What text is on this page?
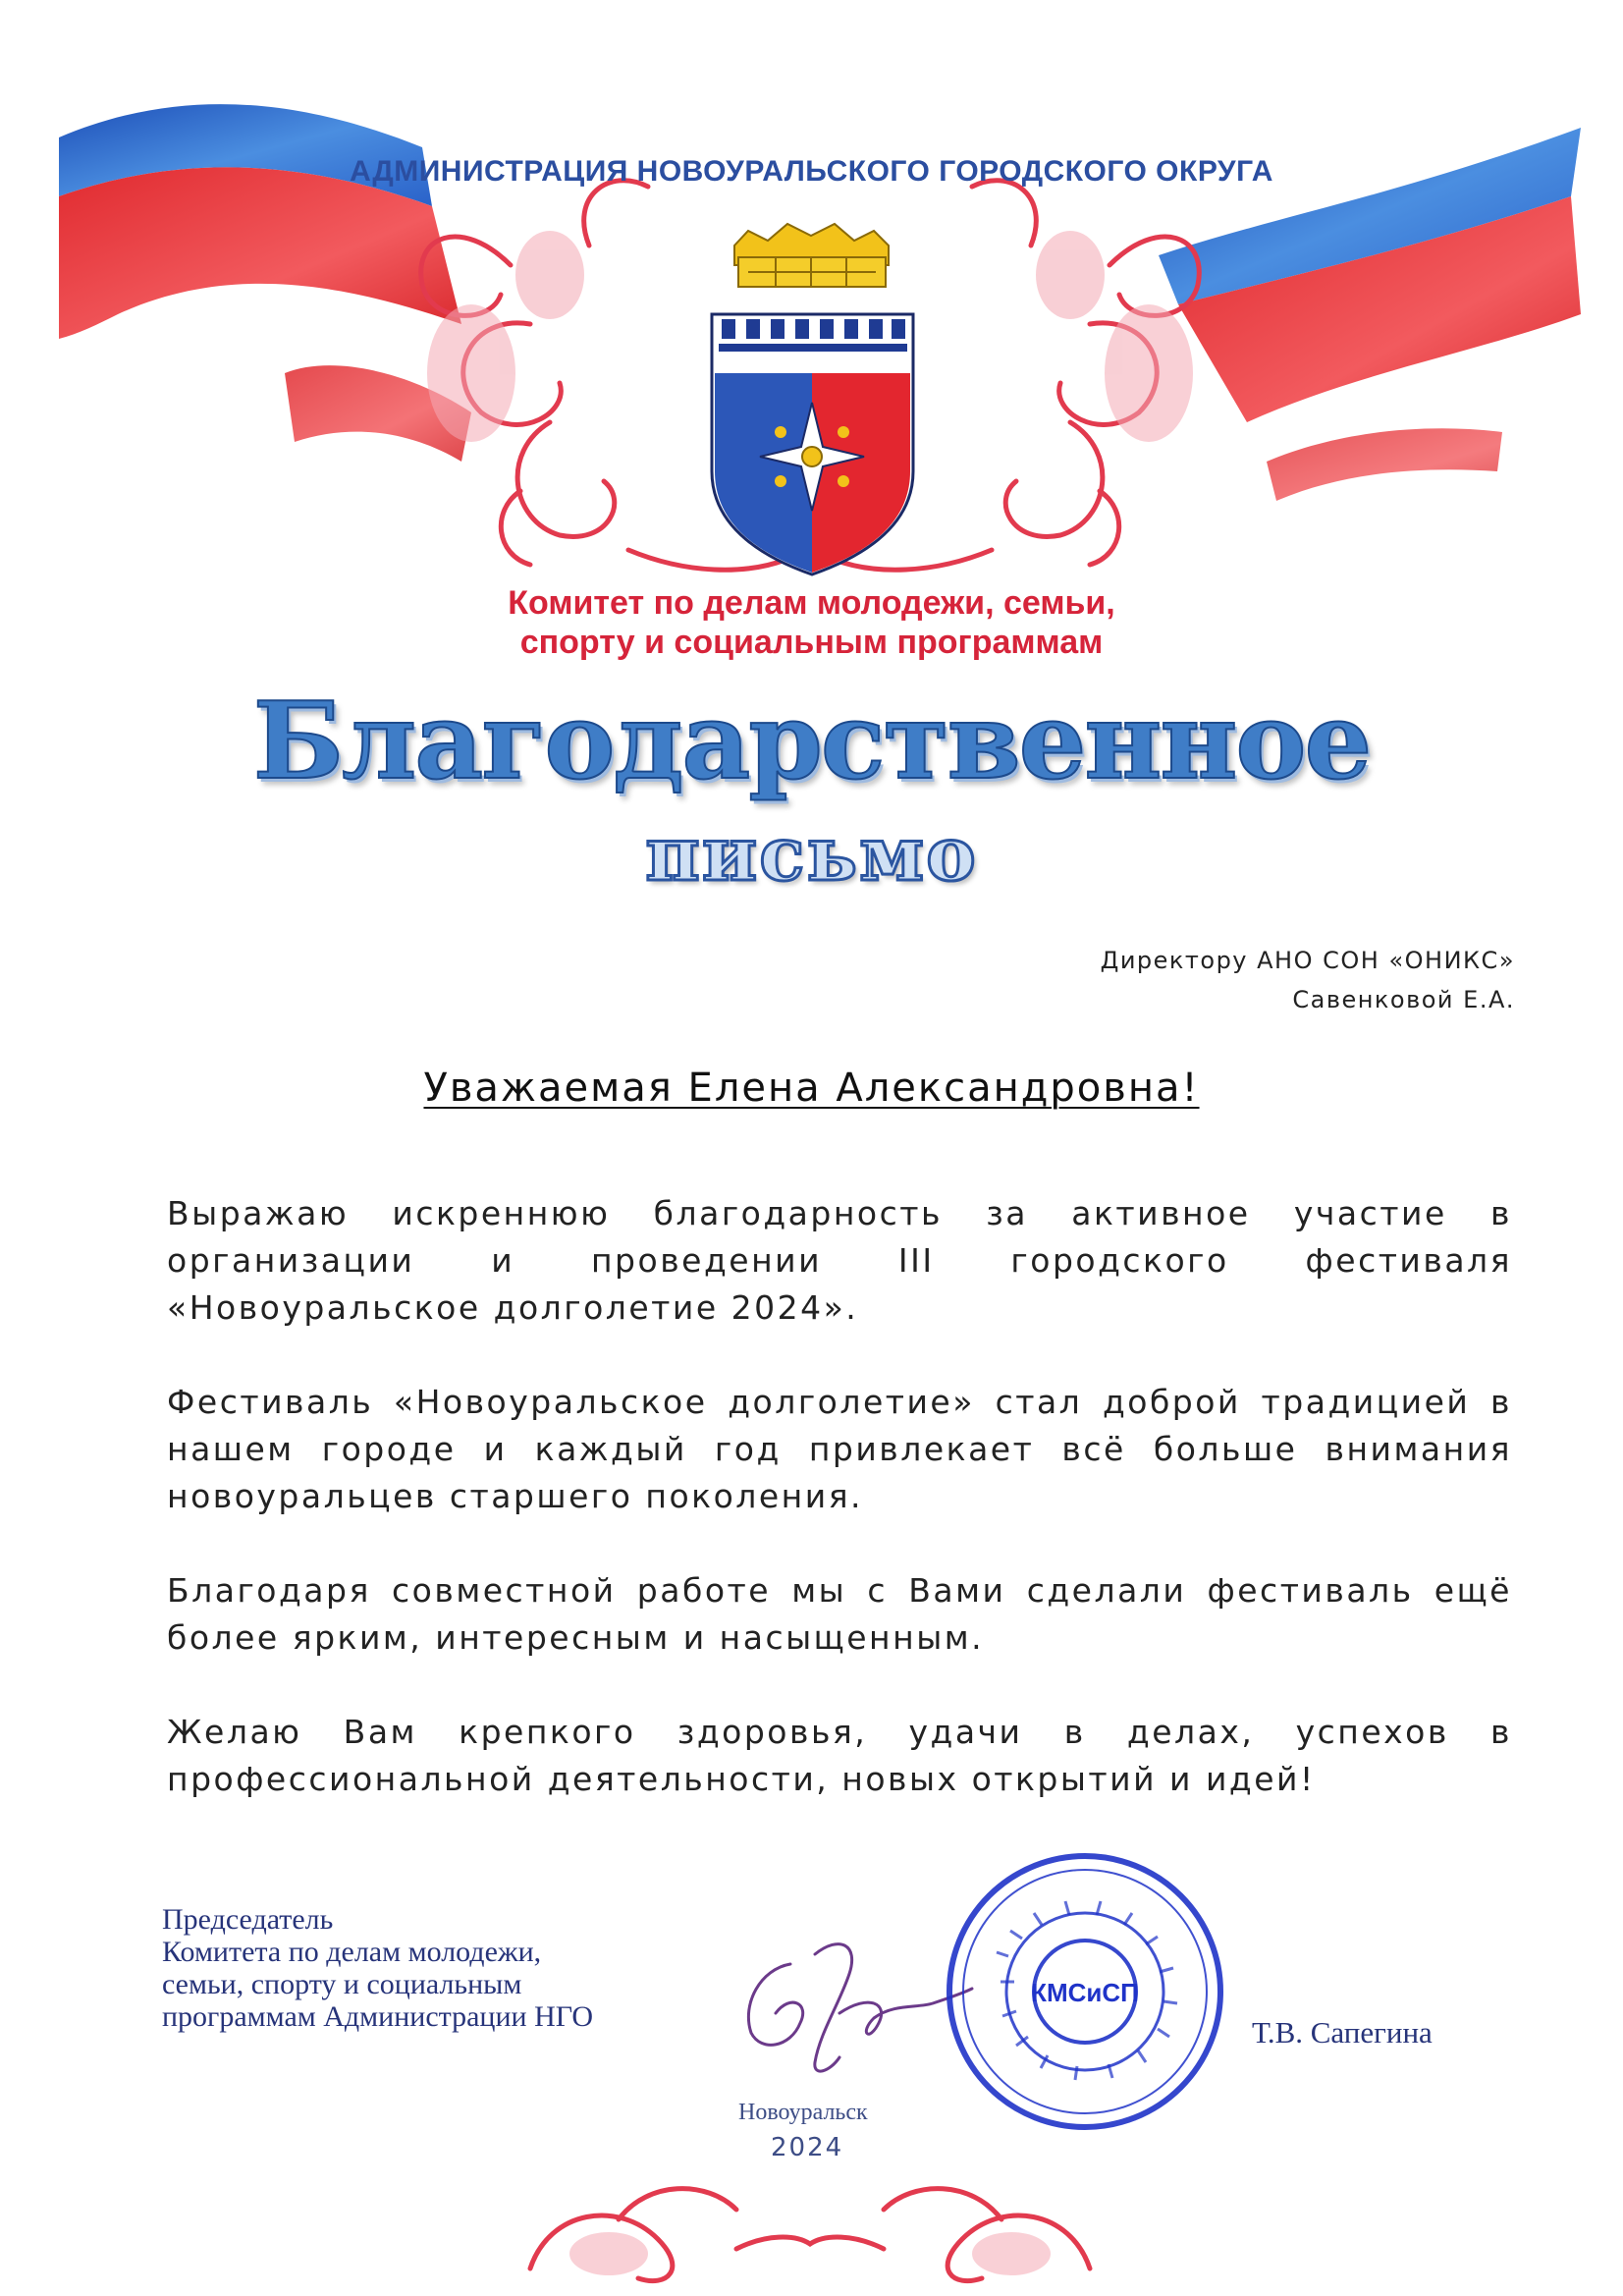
АДМИНИСТРАЦИЯ НОВОУРАЛЬСКОГО ГОРОДСКОГО ОКРУГА
Комитет по делам молодежи, семьи,
спорту и социальным программам
Благодарственное
письмо
Директору АНО СОН «ОНИКС»
Савенковой Е.А.
Уважаемая Елена Александровна!

Выражаю искреннюю благодарность за активное участие в организации и проведении III городского фестиваля «Новоуральское долголетие 2024».

Фестиваль «Новоуральское долголетие» стал доброй традицией в нашем городе и каждый год привлекает всё больше внимания новоуральцев старшего поколения.

Благодаря совместной работе мы с Вами сделали фестиваль ещё более ярким, интересным и насыщенным.

Желаю Вам крепкого здоровья, удачи в делах, успехов в профессиональной деятельности, новых открытий и идей!

Председатель
Комитета по делам молодежи,
семьи, спорту и социальным
программам Администрации НГО
КМСиСП
Т.В. Сапегина
Новоуральск
2024
